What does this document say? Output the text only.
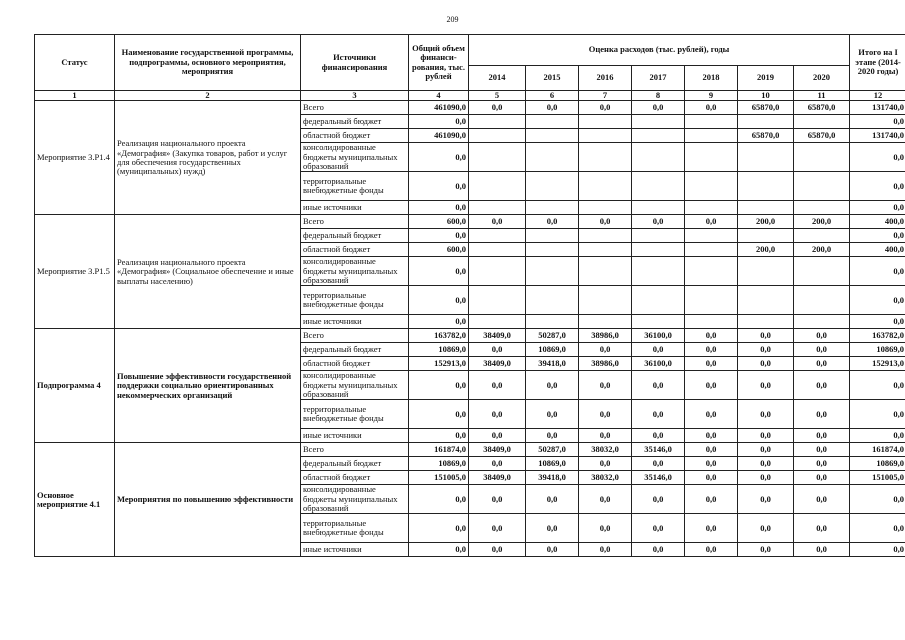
209
Статус	Наименование государственной программы, подпрограммы, основного мероприятия, мероприятия	Источники финансирования	Общий объем финанси-рования, тыс. рублей	Оценка расходов (тыс. рублей), годы							Итого на I этапе (2014-2020 годы)
				2014	2015	2016	2017	2018	2019	2020	
1	2	3	4	5	6	7	8	9	10	11	12
Мероприятие 3.Р1.4	Реализация национального проекта «Демография» (Закупка товаров, работ и услуг для обеспечения государственных (муниципальных) нужд)	Всего	461090,0	0,0	0,0	0,0	0,0	0,0	65870,0	65870,0	131740,0
		федеральный бюджет	0,0								0,0
		областной бюджет	461090,0						65870,0	65870,0	131740,0
		консолидированные бюджеты муниципальных образований	0,0								0,0
		территориальные внебюджетные фонды	0,0								0,0
		иные источники	0,0								0,0
Мероприятие 3.Р1.5	Реализация национального проекта «Демография» (Социальное обеспечение и иные выплаты населению)	Всего	600,0	0,0	0,0	0,0	0,0	0,0	200,0	200,0	400,0
		федеральный бюджет	0,0								0,0
		областной бюджет	600,0						200,0	200,0	400,0
		консолидированные бюджеты муниципальных образований	0,0								0,0
		территориальные внебюджетные фонды	0,0								0,0
		иные источники	0,0								0,0
Подпрограмма 4	Повышение эффективности государственной поддержки социально ориентированных некоммерческих организаций	Всего	163782,0	38409,0	50287,0	38986,0	36100,0	0,0	0,0	0,0	163782,0
		федеральный бюджет	10869,0	0,0	10869,0	0,0	0,0	0,0	0,0	0,0	10869,0
		областной бюджет	152913,0	38409,0	39418,0	38986,0	36100,0	0,0	0,0	0,0	152913,0
		консолидированные бюджеты муниципальных образований	0,0	0,0	0,0	0,0	0,0	0,0	0,0	0,0	0,0
		территориальные внебюджетные фонды	0,0	0,0	0,0	0,0	0,0	0,0	0,0	0,0	0,0
		иные источники	0,0	0,0	0,0	0,0	0,0	0,0	0,0	0,0	0,0
Основное мероприятие 4.1	Мероприятия по повышению эффективности	Всего	161874,0	38409,0	50287,0	38032,0	35146,0	0,0	0,0	0,0	161874,0
		федеральный бюджет	10869,0	0,0	10869,0	0,0	0,0	0,0	0,0	0,0	10869,0
		областной бюджет	151005,0	38409,0	39418,0	38032,0	35146,0	0,0	0,0	0,0	151005,0
		консолидированные бюджеты муниципальных образований	0,0	0,0	0,0	0,0	0,0	0,0	0,0	0,0	0,0
		территориальные внебюджетные фонды	0,0	0,0	0,0	0,0	0,0	0,0	0,0	0,0	0,0
		иные источники	0,0	0,0	0,0	0,0	0,0	0,0	0,0	0,0	0,0
